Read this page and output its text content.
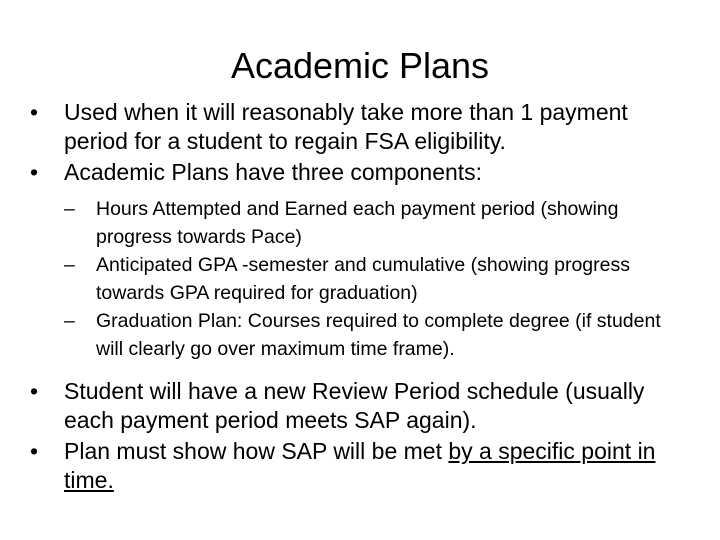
Academic Plans
•	Used when it will reasonably take more than 1 payment period for a student to regain FSA eligibility.
•	Academic Plans have three components:
– Hours Attempted and Earned each payment period (showing progress towards Pace)
– Anticipated GPA -semester and cumulative (showing progress towards GPA required for graduation)
– Graduation Plan: Courses required to complete degree (if student will clearly go over maximum time frame).
•	Student will have a new Review Period schedule (usually each payment period meets SAP again).
•	Plan must show how SAP will be met by a specific point in time.
